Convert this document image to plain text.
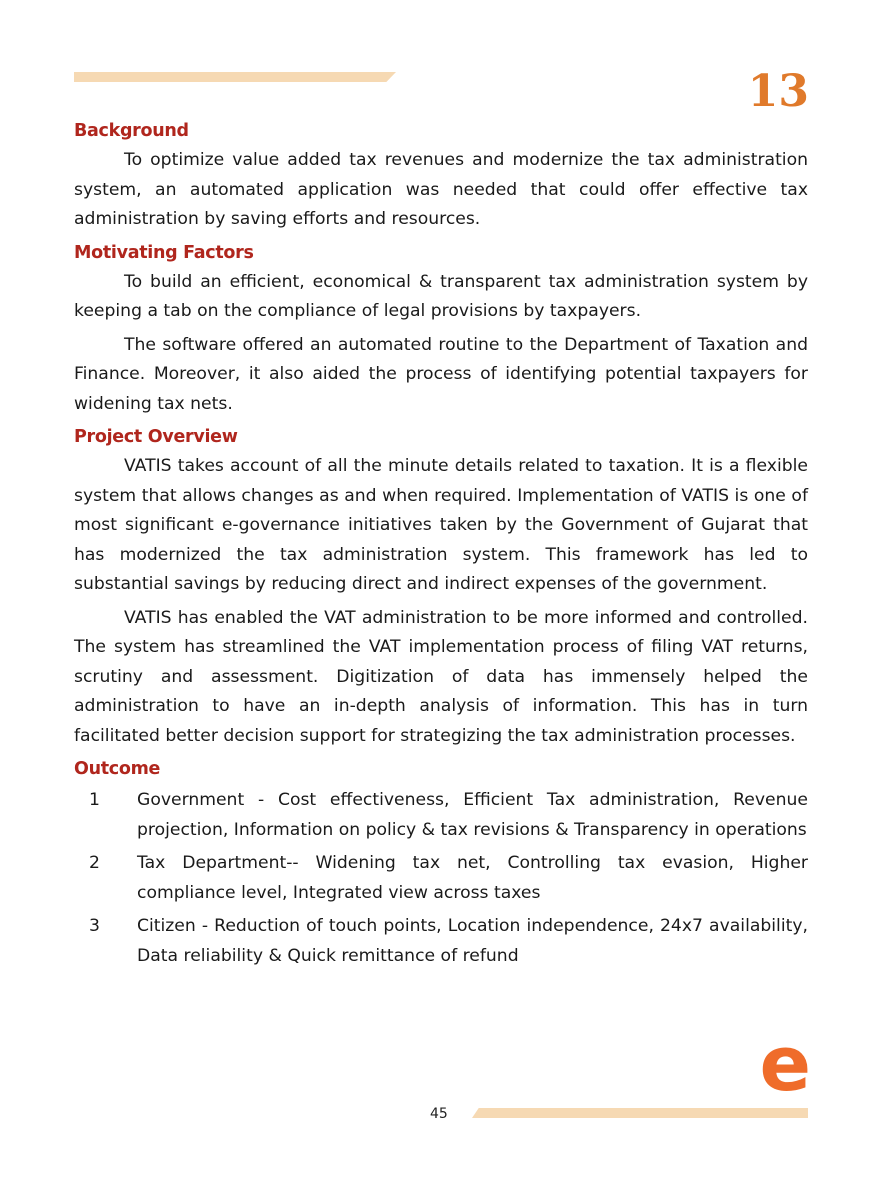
13
Background

To optimize value added tax revenues and modernize the tax administration system, an automated application was needed that could offer effective tax administration by saving efforts and resources.

Motivating Factors

To build an efficient, economical & transparent tax administration system by keeping a tab on the compliance of legal provisions by taxpayers.

The software offered an automated routine to the Department of Taxation and Finance. Moreover, it also aided the process of identifying potential taxpayers for widening tax nets.

Project Overview

VATIS takes account of all the minute details related to taxation. It is a flexible system that allows changes as and when required. Implementation of VATIS is one of most significant e-governance initiatives taken by the Government of Gujarat that has modernized the tax administration system. This framework has led to substantial savings by reducing direct and indirect expenses of the government.

VATIS has enabled the VAT administration to be more informed and controlled. The system has streamlined the VAT implementation process of filing VAT returns, scrutiny and assessment. Digitization of data has immensely helped the administration to have an in-depth analysis of information. This has in turn facilitated better decision support for strategizing the tax administration processes.

Outcome
1	Government - Cost effectiveness, Efficient Tax administration, Revenue projection, Information on policy & tax revisions & Transparency in operations
2	Tax Department-- Widening tax net, Controlling tax evasion, Higher compliance level, Integrated view across taxes
3	Citizen - Reduction of touch points, Location independence, 24x7 availability, Data reliability & Quick remittance of refund
e
45
